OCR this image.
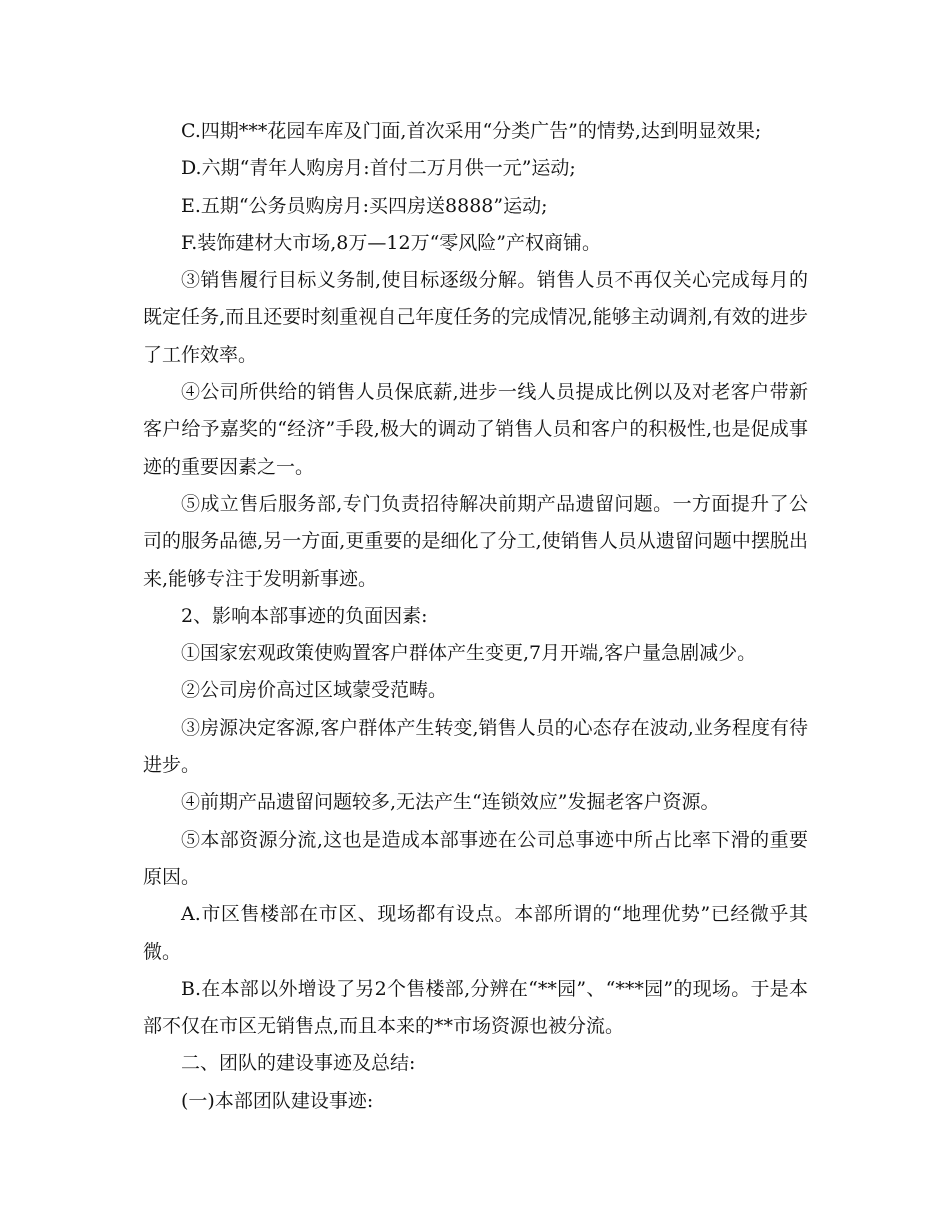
C.四期***花园车库及门面,首次采用“分类广告”的情势,达到明显效果;

D.六期“青年人购房月:首付二万月供一元”运动;

E.五期“公务员购房月:买四房送8888”运动;

F.装饰建材大市场,8万—12万“零风险”产权商铺。

③销售履行目标义务制,使目标逐级分解。销售人员不再仅关心完成每月的既定任务,而且还要时刻重视自己年度任务的完成情况,能够主动调剂,有效的进步了工作效率。

④公司所供给的销售人员保底薪,进步一线人员提成比例以及对老客户带新客户给予嘉奖的“经济”手段,极大的调动了销售人员和客户的积极性,也是促成事迹的重要因素之一。

⑤成立售后服务部,专门负责招待解决前期产品遗留问题。一方面提升了公司的服务品德,另一方面,更重要的是细化了分工,使销售人员从遗留问题中摆脱出来,能够专注于发明新事迹。

2、影响本部事迹的负面因素:

①国家宏观政策使购置客户群体产生变更,7月开端,客户量急剧减少。

②公司房价高过区域蒙受范畴。

③房源决定客源,客户群体产生转变,销售人员的心态存在波动,业务程度有待进步。

④前期产品遗留问题较多,无法产生“连锁效应”发掘老客户资源。

⑤本部资源分流,这也是造成本部事迹在公司总事迹中所占比率下滑的重要原因。

A.市区售楼部在市区、现场都有设点。本部所谓的“地理优势”已经微乎其微。

B.在本部以外增设了另2个售楼部,分辨在“**园”、“***园”的现场。于是本部不仅在市区无销售点,而且本来的**市场资源也被分流。

二、团队的建设事迹及总结:

(一)本部团队建设事迹:
